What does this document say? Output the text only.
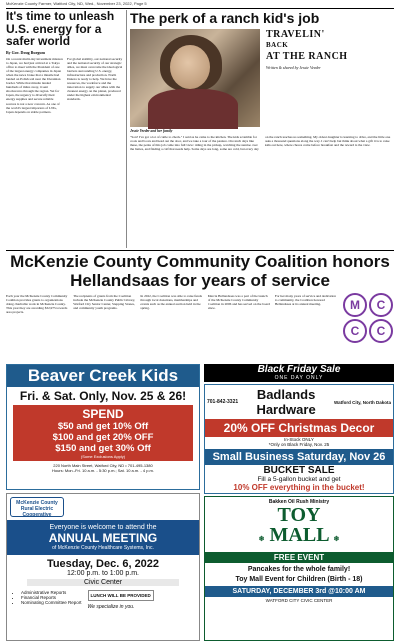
McKenzie County Farmer, Watford City, ND, Wed., November 23, 2022, Page 5
It's time to unleash U.S. energy for a safer world
By Gov. Doug Burgum
On a recent multi-day investment mission to Japan, we had just arrived at a Tokyo office to meet with the President of one of the largest energy companies in Japan when the news broke that a missile had landed on Polish soil near the Ukrainian border. While that missile landed hundreds of miles away, it sent shockwaves through the region. Yet for Japan, the urgency to diversify their energy supplies and secure reliable sources is not a new concern. As one of the world's largest importers of LNG, Japan depends on stable partners.
For global stability, our national security and the national security of our strategic allies, we must overcome the ideological barriers surrounding U.S. energy, infrastructure and production. North Dakota is ready to help. We have the resources, the workforce and the innovation to supply our allies with the cleanest energy on the planet, produced under the highest environmental standards.
The perk of a ranch kid's job
TRAVELIN'
BACK
AT THE RANCH
Written & shared by Jessie Veeder
Jessie Veeder and her family
"Son? I've got a lot of cattle to check." I said as he came to the kitchen. The kids scramble for coats and boots and head out the door, and we take a tour of the pasture. On ranch days like these, the perks of this job come into full view: riding in the pickup, watching the sunrise over the buttes, and finding a calf that needs help. Some days are long, some are cold, but every day on the ranch teaches us something. My oldest daughter is learning to drive, and the little one asks a thousand questions along the way. I can't help but think about what a gift it is to raise kids out here, where chores come before breakfast and the reward is the view.
McKenzie County Community Coalition honors Hellandsaas for years of service
Each year the McKenzie County Community Coalition provides grants to organizations doing charitable work in McKenzie County. This year they are awarding $32,975 towards area projects.
The recipients of grants from the Coalition include the McKenzie County Public Library, Watford City Senior Center, Stepping Stones, and community youth programs.
In 2022, the Coalition was able to raise funds through local donations, memberships and events such as the annual auction held in the spring.
Marcia Hellandsaas was a part of the launch of the McKenzie County Community Coalition in 2006 and has served on the board since.
For her many years of service and dedication to community, the Coalition honored Hellandsaas at its annual meeting.	M	C
C	C
Beaver Creek Kids
Fri. & Sat. Only, Nov. 25 & 26!
SPEND
$50 and get 10% Off
$100 and get 20% OFF
$150 and get 30% Off
(Some Exclusions Apply)
220 North Main Street, Watford City, ND • 701-495-1380
Hours: Mon.-Fri. 10 a.m. - 5:30 p.m.; Sat. 10 a.m. - 4 p.m.
McKenzie County Rural Electric Cooperative
Everyone is welcome to attend the
ANNUAL MEETING
of McKenzie County Healthcare Systems, Inc.
Tuesday, Dec. 6, 2022
12:00 p.m. to 1:00 p.m.
Civic Center
• Administrative Reports
• Financial Reports
• Nominating Committee Report
LUNCH WILL BE PROVIDED
We specialize in you.
Black Friday Sale
ONE DAY ONLY
701-842-3321	Badlands Hardware	Watford City, North Dakota
20% OFF Christmas Decor
In-Stock ONLY
*Only on Black Friday, Nov. 25
Small Business Saturday, Nov 26
BUCKET SALE
Fill a 5-gallon bucket and get
10% OFF everything in the bucket!
Bakken Oil Rush Ministry
TOY
❄ MALL ❄
FREE EVENT
Pancakes for the whole family!
Toy Mall Event for Children (Birth - 18)
SATURDAY, DECEMBER 3rd @10:00 AM
WATFORD CITY CIVIC CENTER
